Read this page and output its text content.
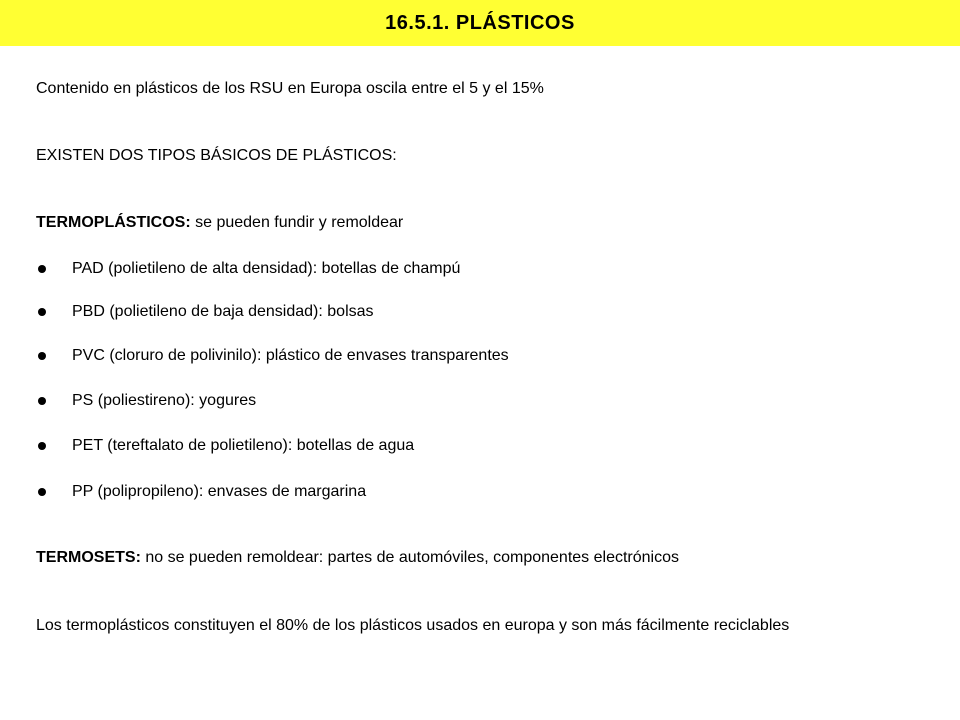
16.5.1. PLÁSTICOS
Contenido en plásticos de los RSU en Europa oscila entre el 5 y el 15%
EXISTEN DOS TIPOS BÁSICOS DE PLÁSTICOS:
TERMOPLÁSTICOS: se pueden fundir y remoldear
PAD (polietileno de alta densidad): botellas de champú
PBD (polietileno de baja densidad): bolsas
PVC (cloruro de polivinilo): plástico de envases transparentes
PS (poliestireno): yogures
PET (tereftalato de polietileno): botellas de agua
PP (polipropileno): envases de margarina
TERMOSETS: no se pueden remoldear: partes de automóviles, componentes electrónicos
Los termoplásticos constituyen el 80% de los plásticos usados en europa y son más fácilmente reciclables
